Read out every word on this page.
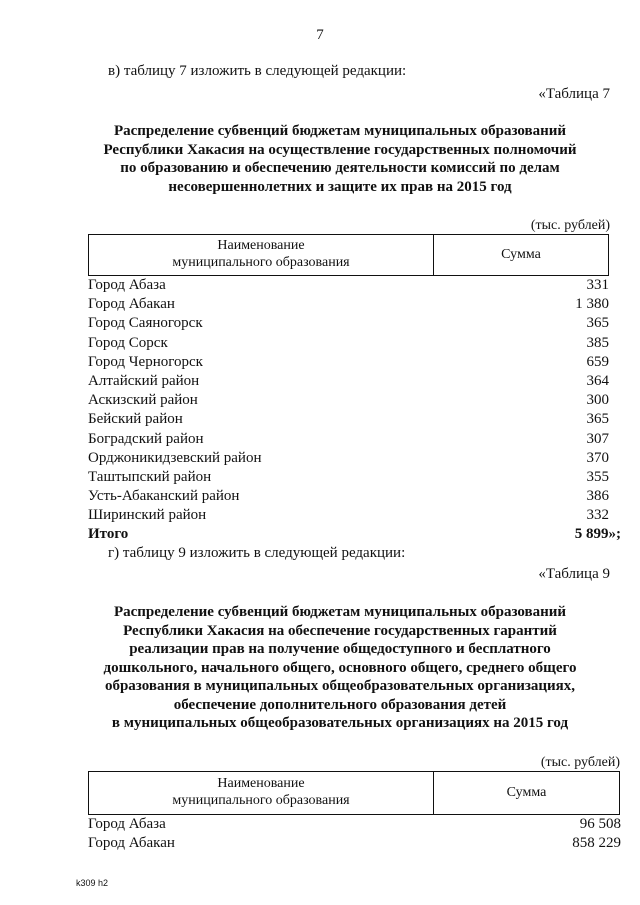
7
в) таблицу 7 изложить в следующей редакции:
«Таблица 7
Распределение субвенций бюджетам муниципальных образований
Республики Хакасия на осуществление государственных полномочий
по образованию и обеспечению деятельности комиссий по делам
несовершеннолетних и защите их прав на 2015 год
(тыс. рублей)
Наименование
муниципального образования
Сумма
Город Абаза	331
Город Абакан	1 380
Город Саяногорск	365
Город Сорск	385
Город Черногорск	659
Алтайский район	364
Аскизский район	300
Бейский район	365
Боградский район	307
Орджоникидзевский район	370
Таштыпский район	355
Усть-Абаканский район	386
Ширинский район	332
Итого	5 899»;
г) таблицу 9 изложить в следующей редакции:
«Таблица 9
Распределение субвенций бюджетам муниципальных образований
Республики Хакасия на обеспечение государственных гарантий
реализации прав на получение общедоступного и бесплатного
дошкольного, начального общего, основного общего, среднего общего
образования в муниципальных общеобразовательных организациях,
обеспечение дополнительного образования детей
в муниципальных общеобразовательных организациях на 2015 год
(тыс. рублей)
Наименование
муниципального образования
Сумма
Город Абаза	96 508
Город Абакан	858 229
k309 h2
